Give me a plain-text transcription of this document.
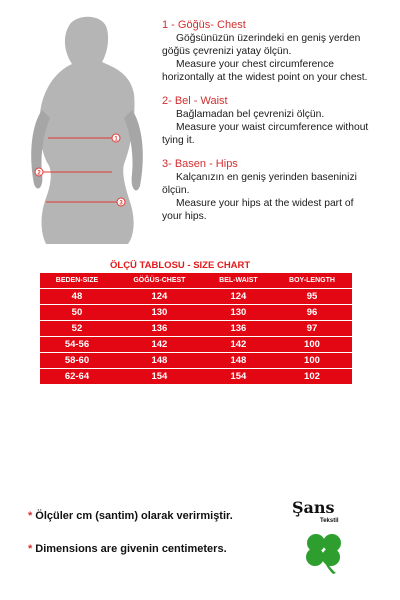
1
2
3
1 - Göğüs- Chest
Göğsünüzün üzerindeki en geniş yerden
göğüs çevrenizi yatay ölçün.
Measure your chest circumference
horizontally at the widest point on your chest.
2- Bel - Waist
Bağlamadan bel çevrenizi ölçün.
Measure your waist circumference without
tying it.
3- Basen - Hips
Kalçanızın en geniş yerinden baseninizi
ölçün.
Measure your hips at the widest part of
your hips.
ÖLÇÜ TABLOSU - SIZE CHART
BEDEN-SIZE	GÖĞÜS-CHEST	BEL-WAIST	BOY-LENGTH
48	124	124	95
50	130	130	96
52	136	136	97
54-56	142	142	100
58-60	148	148	100
62-64	154	154	102
* Ölçüler cm (santim) olarak verirmiştir.
* Dimensions are givenin centimeters.
Şans
Tekstil
